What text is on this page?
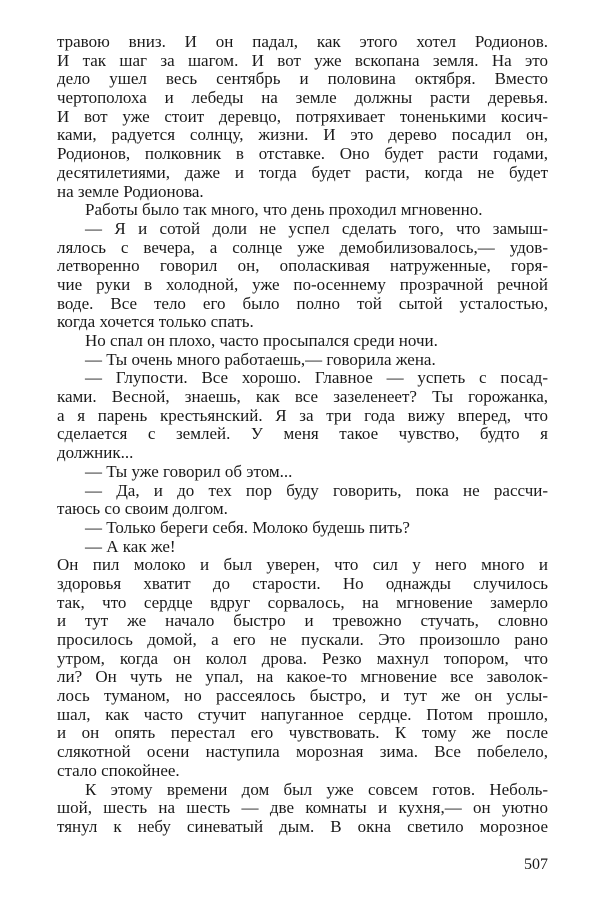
травою вниз. И он падал, как этого хотел Родионов.
И так шаг за шагом. И вот уже вскопана земля. На это
дело ушел весь сентябрь и половина октября. Вместо
чертополоха и лебеды на земле должны расти деревья.
И вот уже стоит деревцо, потряхивает тоненькими косич-
ками, радуется солнцу, жизни. И это дерево посадил он,
Родионов, полковник в отставке. Оно будет расти годами,
десятилетиями, даже и тогда будет расти, когда не будет
на земле Родионова.
Работы было так много, что день проходил мгновенно.
— Я и сотой доли не успел сделать того, что замыш-
лялось с вечера, а солнце уже демобилизовалось,— удов-
летворенно говорил он, ополаскивая натруженные, горя-
чие руки в холодной, уже по-осеннему прозрачной речной
воде. Все тело его было полно той сытой усталостью,
когда хочется только спать.
Но спал он плохо, часто просыпался среди ночи.
— Ты очень много работаешь,— говорила жена.
— Глупости. Все хорошо. Главное — успеть с посад-
ками. Весной, знаешь, как все зазеленеет? Ты горожанка,
а я парень крестьянский. Я за три года вижу вперед, что
сделается с землей. У меня такое чувство, будто я
должник...
— Ты уже говорил об этом...
— Да, и до тех пор буду говорить, пока не рассчи-
таюсь со своим долгом.
— Только береги себя. Молоко будешь пить?
— А как же!
Он пил молоко и был уверен, что сил у него много и
здоровья хватит до старости. Но однажды случилось
так, что сердце вдруг сорвалось, на мгновение замерло
и тут же начало быстро и тревожно стучать, словно
просилось домой, а его не пускали. Это произошло рано
утром, когда он колол дрова. Резко махнул топором, что
ли? Он чуть не упал, на какое-то мгновение все заволок-
лось туманом, но рассеялось быстро, и тут же он услы-
шал, как часто стучит напуганное сердце. Потом прошло,
и он опять перестал его чувствовать. К тому же после
слякотной осени наступила морозная зима. Все побелело,
стало спокойнее.
К этому времени дом был уже совсем готов. Неболь-
шой, шесть на шесть — две комнаты и кухня,— он уютно
тянул к небу синеватый дым. В окна светило морозное
507
